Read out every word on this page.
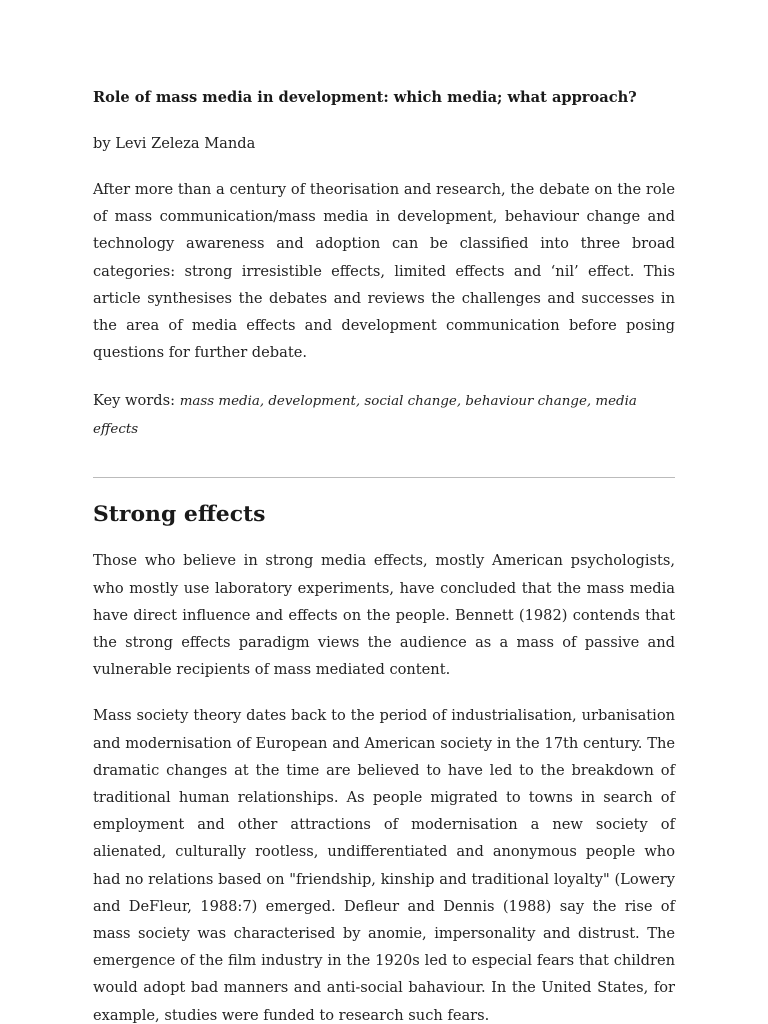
Role of mass media in development: which media; what approach?

by Levi Zeleza Manda

After more than a century of theorisation and research, the debate on the role of mass communication/mass media in development, behaviour change and technology awareness and adoption can be classified into three broad categories: strong irresistible effects, limited effects and ‘nil’ effect. This article synthesises the debates and reviews the challenges and successes in the area of media effects and development communication before posing questions for further debate.

Key words: mass media, development, social change, behaviour change, media effects

Strong effects

Those who believe in strong media effects, mostly American psychologists, who mostly use laboratory experiments, have concluded that the mass media have direct influence and effects on the people. Bennett (1982) contends that the strong effects paradigm views the audience as a mass of passive and vulnerable recipients of mass mediated content.

Mass society theory dates back to the period of industrialisation, urbanisation and modernisation of European and American society in the 17th century. The dramatic changes at the time are believed to have led to the breakdown of traditional human relationships. As people migrated to towns in search of employment and other attractions of modernisation a new society of alienated, culturally rootless, undifferentiated and anonymous people who had no relations based on "friendship, kinship and traditional loyalty" (Lowery and DeFleur, 1988:7) emerged. Defleur and Dennis (1988) say the rise of mass society was characterised by anomie, impersonality and distrust. The emergence of the film industry in the 1920s led to especial fears that children would adopt bad manners and anti-social bahaviour. In the United States, for example, studies were funded to research such fears.
